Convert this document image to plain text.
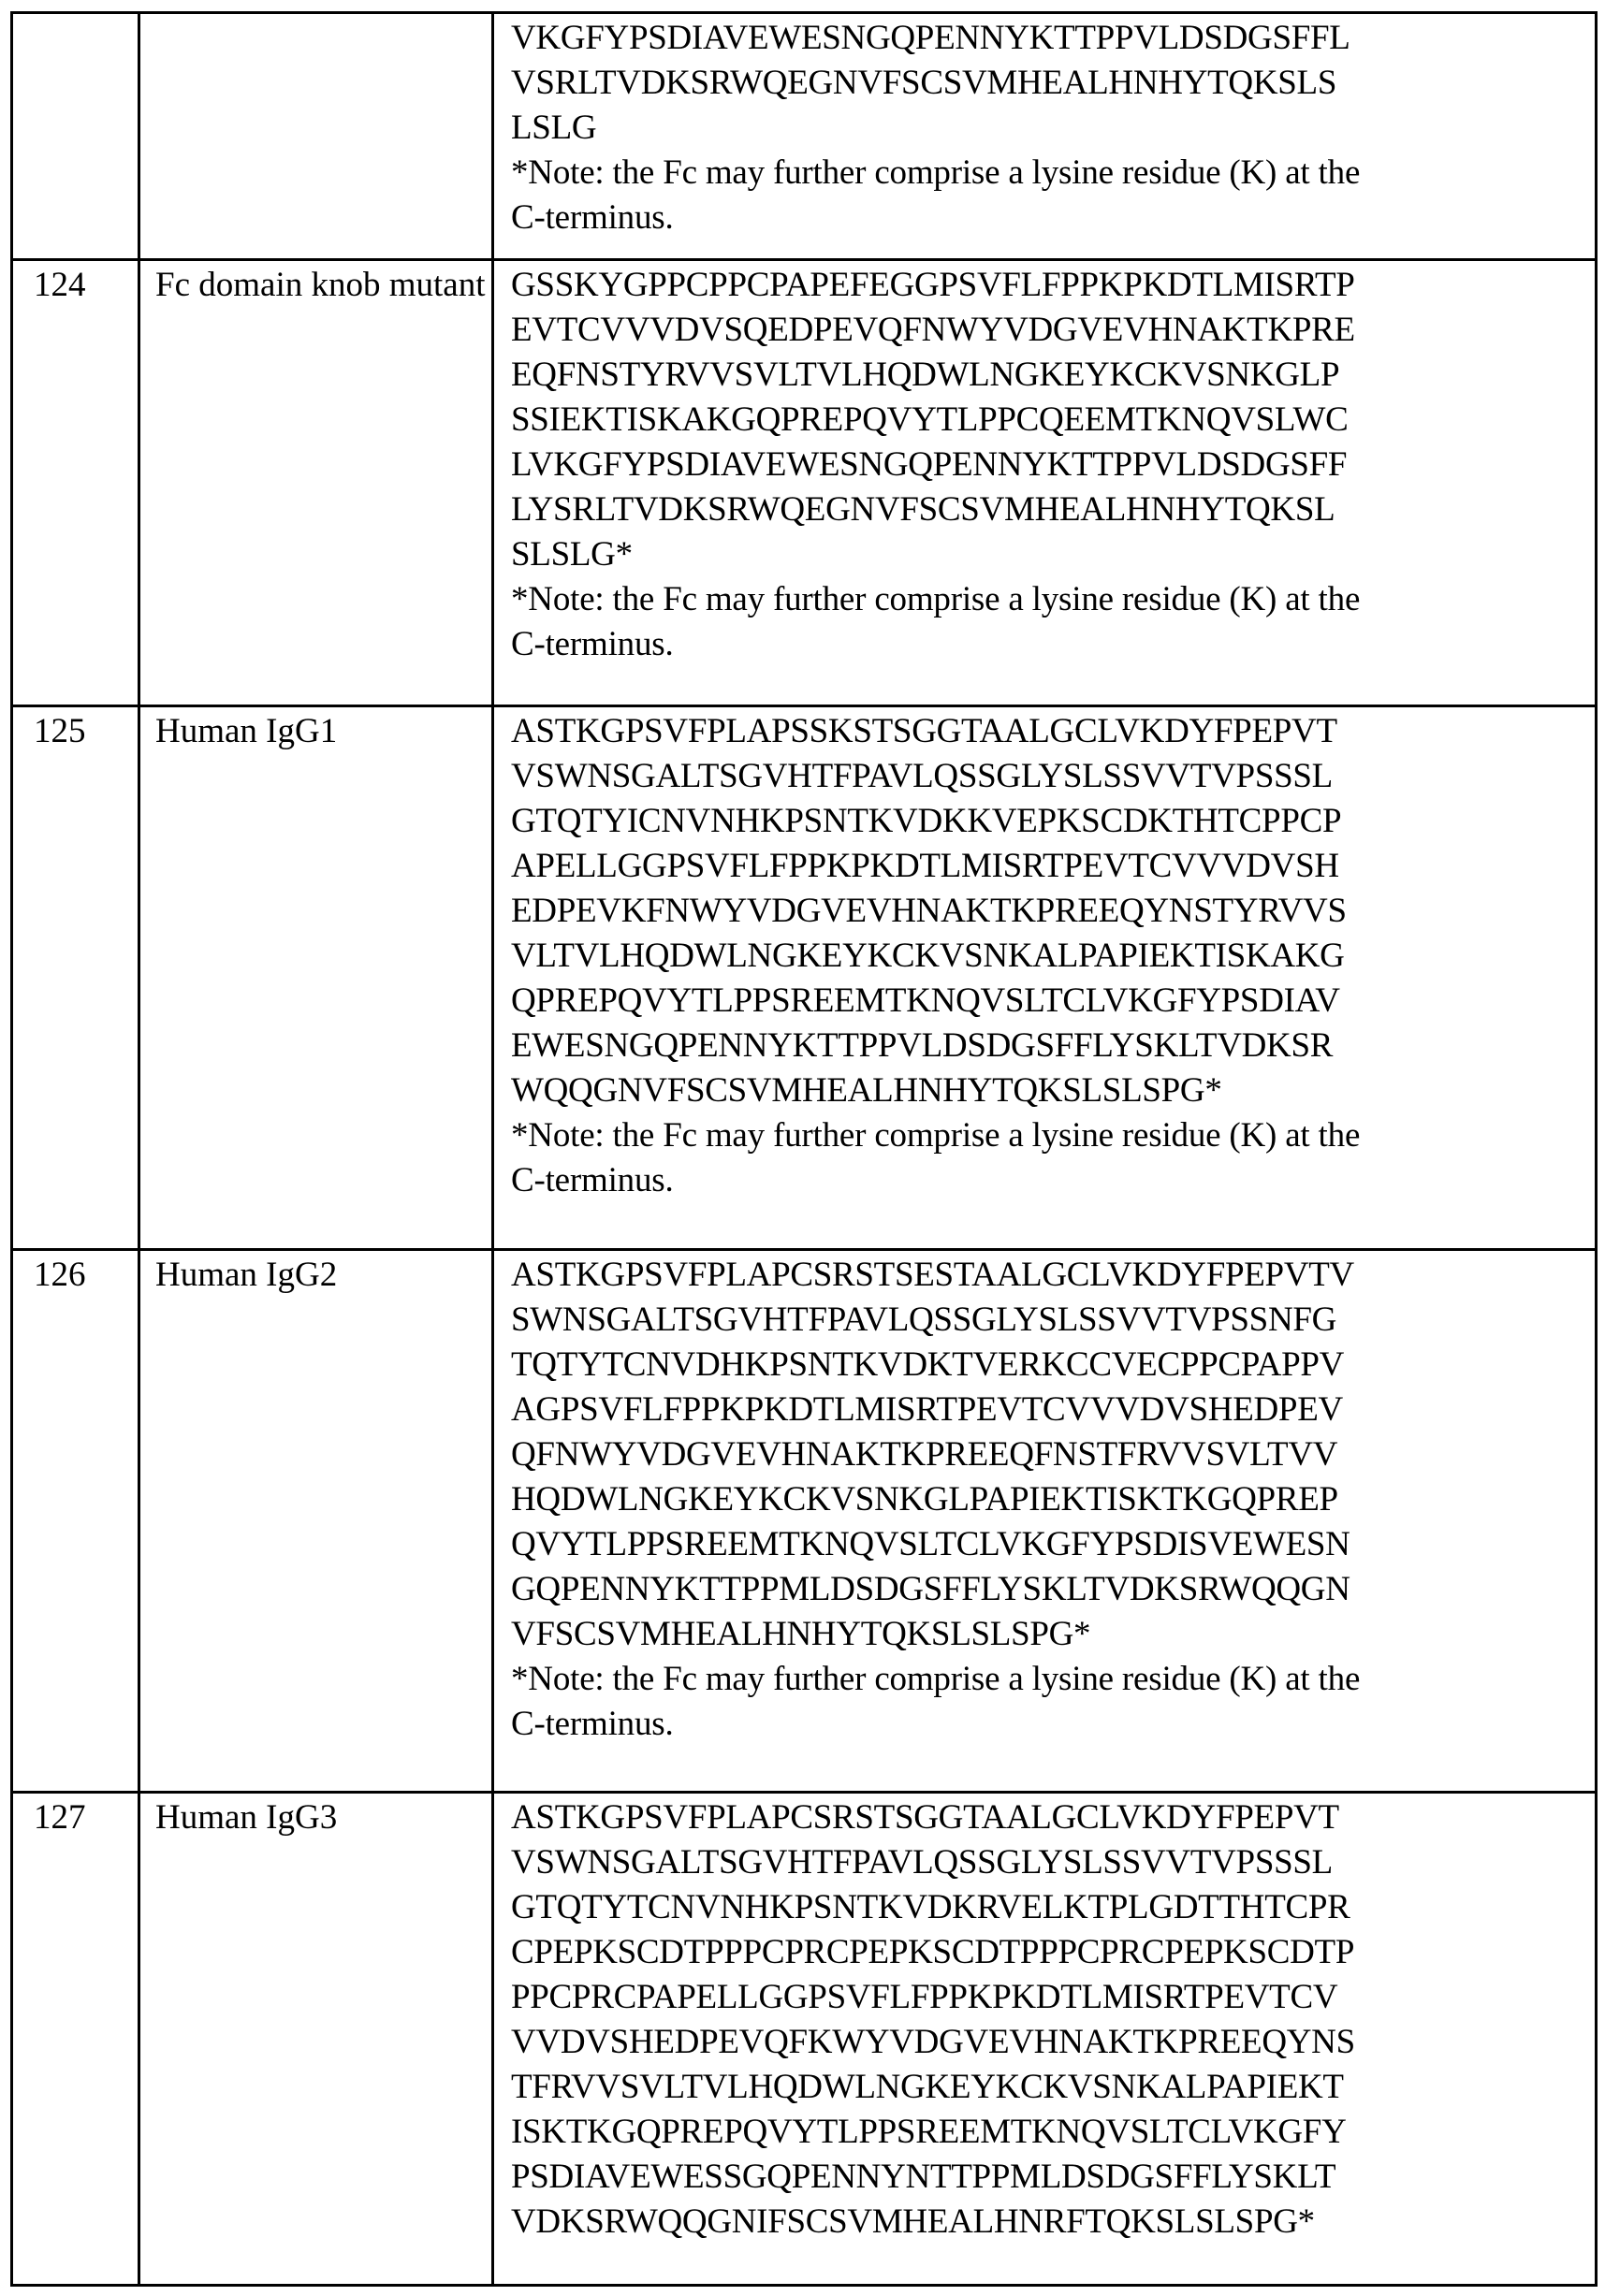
		VKGFYPSDIAVEWESNGQPENNYKTTPPVLDSDGSFFL
VSRLTVDKSRWQEGNVFSCSVMHEALHNHYTQKSLS
LSLG
*Note: the Fc may further comprise a lysine residue (K) at the
C-terminus.

124	Fc domain knob mutant	GSSKYGPPCPPCPAPEFEGGPSVFLFPPKPKDTLMISRTP
EVTCVVVDVSQEDPEVQFNWYVDGVEVHNAKTKPRE
EQFNSTYRVVSVLTVLHQDWLNGKEYKCKVSNKGLP
SSIEKTISKAKGQPREPQVYTLPPCQEEMTKNQVSLWC
LVKGFYPSDIAVEWESNGQPENNYKTTPPVLDSDGSFF
LYSRLTVDKSRWQEGNVFSCSVMHEALHNHYTQKSL
SLSLG*
*Note: the Fc may further comprise a lysine residue (K) at the
C-terminus.

125	Human IgG1	ASTKGPSVFPLAPSSKSTSGGTAALGCLVKDYFPEPVT
VSWNSGALTSGVHTFPAVLQSSGLYSLSSVVTVPSSSL
GTQTYICNVNHKPSNTKVDKKVEPKSCDKTHTCPPCP
APELLGGPSVFLFPPKPKDTLMISRTPEVTCVVVDVSH
EDPEVKFNWYVDGVEVHNAKTKPREEQYNSTYRVVS
VLTVLHQDWLNGKEYKCKVSNKALPAPIEKTISKAKG
QPREPQVYTLPPSREEMTKNQVSLTCLVKGFYPSDIAV
EWESNGQPENNYKTTPPVLDSDGSFFLYSKLTVDKSR
WQQGNVFSCSVMHEALHNHYTQKSLSLSPG*
*Note: the Fc may further comprise a lysine residue (K) at the
C-terminus.

126	Human IgG2	ASTKGPSVFPLAPCSRSTSESTAALGCLVKDYFPEPVTV
SWNSGALTSGVHTFPAVLQSSGLYSLSSVVTVPSSNFG
TQTYTCNVDHKPSNTKVDKTVERKCCVECPPCPAPPV
AGPSVFLFPPKPKDTLMISRTPEVTCVVVDVSHEDPEV
QFNWYVDGVEVHNAKTKPREEQFNSTFRVVSVLTVV
HQDWLNGKEYKCKVSNKGLPAPIEKTISKTKGQPREP
QVYTLPPSREEMTKNQVSLTCLVKGFYPSDISVEWESN
GQPENNYKTTPPMLDSDGSFFLYSKLTVDKSRWQQGN
VFSCSVMHEALHNHYTQKSLSLSPG*
*Note: the Fc may further comprise a lysine residue (K) at the
C-terminus.

127	Human IgG3	ASTKGPSVFPLAPCSRSTSGGTAALGCLVKDYFPEPVT
VSWNSGALTSGVHTFPAVLQSSGLYSLSSVVTVPSSSL
GTQTYTCNVNHKPSNTKVDKRVELKTPLGDTTHTCPR
CPEPKSCDTPPPCPRCPEPKSCDTPPPCPRCPEPKSCDTP
PPCPRCPAPELLGGPSVFLFPPKPKDTLMISRTPEVTCV
VVDVSHEDPEVQFKWYVDGVEVHNAKTKPREEQYNS
TFRVVSVLTVLHQDWLNGKEYKCKVSNKALPAPIEKT
ISKTKGQPREPQVYTLPPSREEMTKNQVSLTCLVKGFY
PSDIAVEWESSGQPENNYNTTPPMLDSDGSFFLYSKLT
VDKSRWQQGNIFSCSVMHEALHNRFTQKSLSLSPG*
